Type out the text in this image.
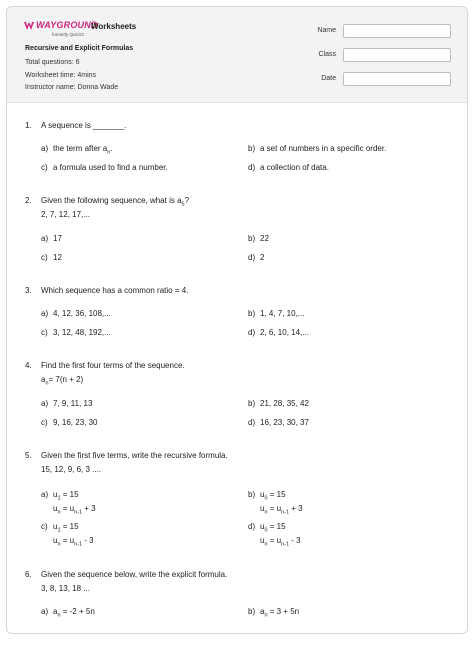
WAYGROUND
formerly Quizizz
Worksheets
Recursive and Explicit Formulas
Total questions: 6
Worksheet time: 4mins
Instructor name: Donna Wade
Name
Class
Date
1. A sequence is _______.
a) the term after $a_n$.	b) a set of numbers in a specific order.
c) a formula used to find a number.	d) a collection of data.
2. Given the following sequence, what is $a_5$?
2, 7, 12, 17,...
a) 17	b) 22
c) 12	d) 2
3. Which sequence has a common ratio = 4.
a) 4, 12, 36, 108,...	b) 1, 4, 7, 10,...
c) 3, 12, 48, 192,...	d) 2, 6, 10, 14,...
4. Find the first four terms of the sequence.
$a_n= 7(n + 2)$
a) 7, 9, 11, 13	b) 21, 28, 35, 42
c) 9, 16, 23, 30	d) 16, 23, 30, 37
5. Given the first five terms, write the recursive formula.
15, 12, 9, 6, 3 ....
a) $u_1 = 15$
$u_n = u_{n-1} + 3$
b) $u_0 = 15$
$u_n = u_{n-1} + 3$
c) $u_1 = 15$
$u_n = u_{n-1} - 3$
d) $u_0 = 15$
$u_n = u_{n-1} - 3$
6. Given the sequence below, write the explicit formula.
3, 8, 13, 18 ...
a) $a_n = -2 + 5n$	b) $a_n = 3 + 5n$
